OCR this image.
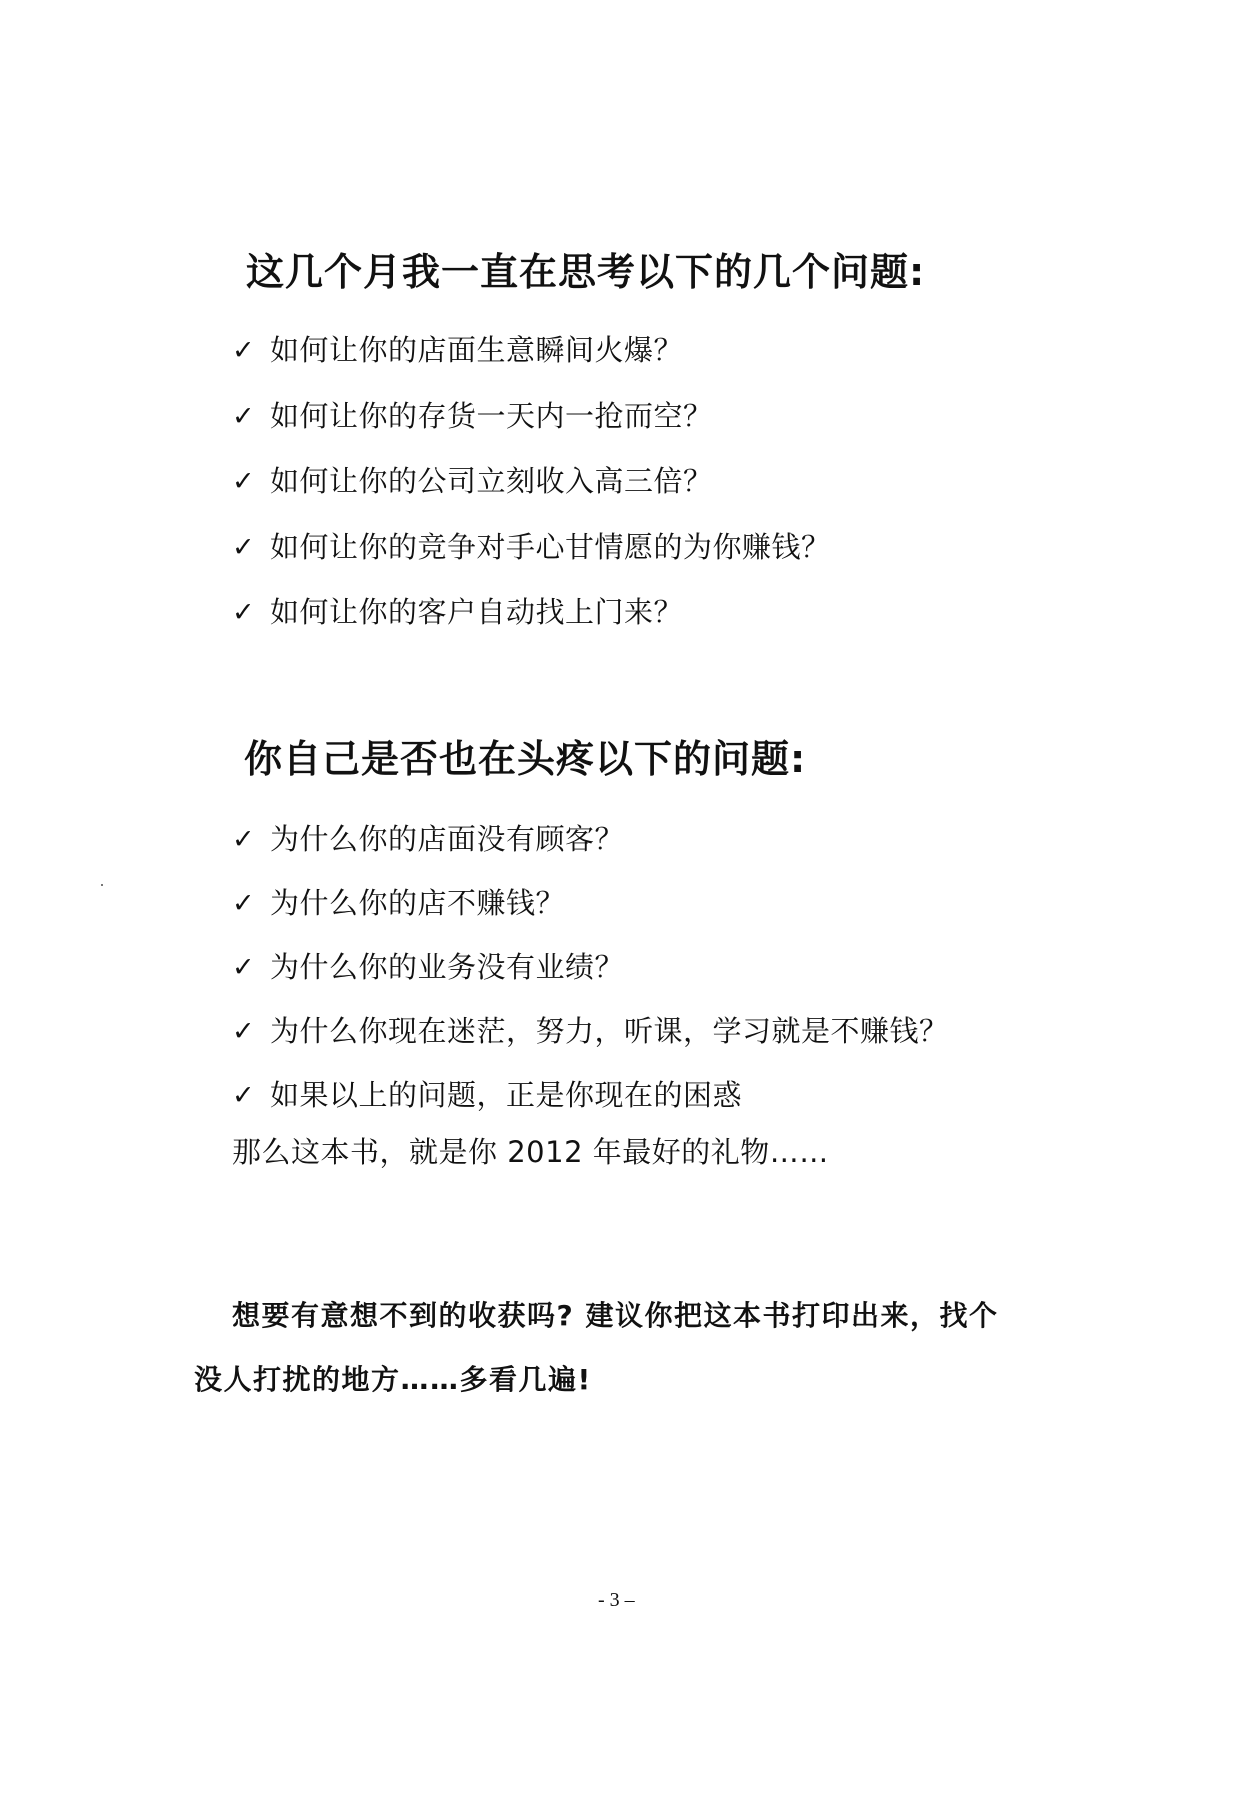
这几个月我一直在思考以下的几个问题:
✓ 如何让你的店面生意瞬间火爆？
✓ 如何让你的存货一天内一抢而空？
✓ 如何让你的公司立刻收入高三倍？
✓ 如何让你的竞争对手心甘情愿的为你赚钱？
✓ 如何让你的客户自动找上门来？
你自己是否也在头疼以下的问题:
✓ 为什么你的店面没有顾客？
✓ 为什么你的店不赚钱？
✓ 为什么你的业务没有业绩？
✓ 为什么你现在迷茫，努力，听课，学习就是不赚钱？
✓ 如果以上的问题，正是你现在的困惑

那么这本书，就是你 2012 年最好的礼物……

想要有意想不到的收获吗? 建议你把这本书打印出来，找个

没人打扰的地方……多看几遍!

- 3 –
